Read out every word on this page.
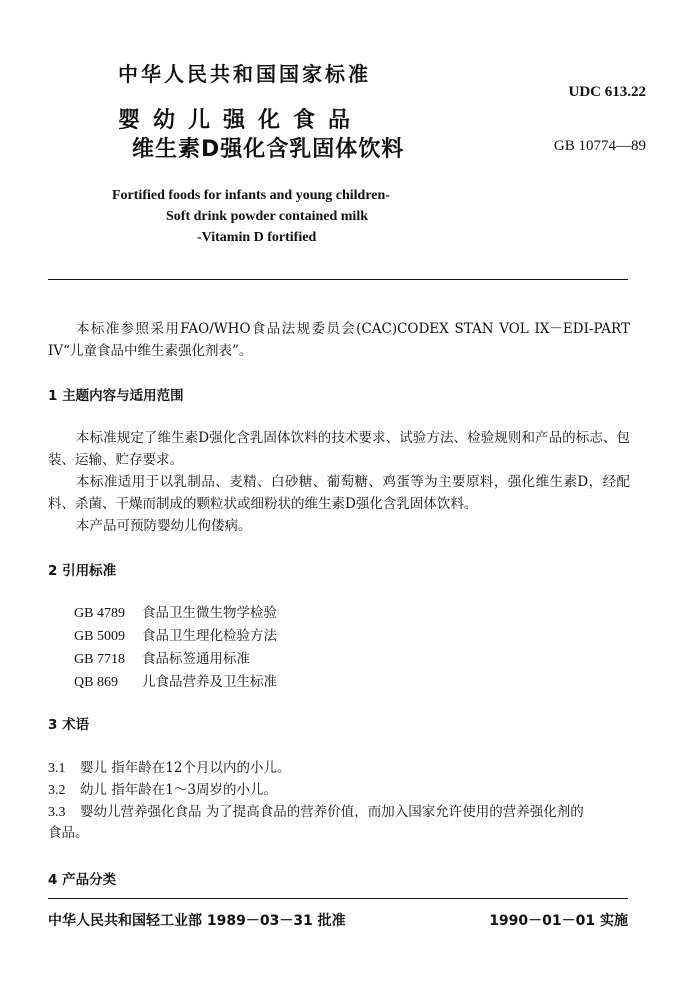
中华人民共和国国家标准
UDC 613.22
婴幼儿强化食品
维生素D强化含乳固体饮料	GB 10774—89
Fortified foods for infants and young children-
Soft drink powder contained milk
-Vitamin D fortified
本标准参照采用FAO/WHO食品法规委员会(CAC)CODEX STAN VOL IX－EDI-PART IV“儿童食品中维生素强化剂表”。
1 主题内容与适用范围
本标准规定了维生素D强化含乳固体饮料的技术要求、试验方法、检验规则和产品的标志、包装、运输、贮存要求。
本标准适用于以乳制品、麦精、白砂糖、葡萄糖、鸡蛋等为主要原料，强化维生素D，经配料、杀菌、干燥而制成的颗粒状或细粉状的维生素D强化含乳固体饮料。
本产品可预防婴幼儿佝偻病。
2 引用标准
GB 4789 食品卫生微生物学检验
GB 5009 食品卫生理化检验方法
GB 7718 食品标签通用标准
QB 869 儿食品营养及卫生标准
3 术语
3.1 婴儿 指年龄在12个月以内的小儿。
3.2 幼儿 指年龄在1～3周岁的小儿。
3.3 婴幼儿营养强化食品 为了提高食品的营养价值，而加入国家允许使用的营养强化剂的
食品。
4 产品分类
中华人民共和国轻工业部 1989－03－31 批准	1990－01－01 实施
